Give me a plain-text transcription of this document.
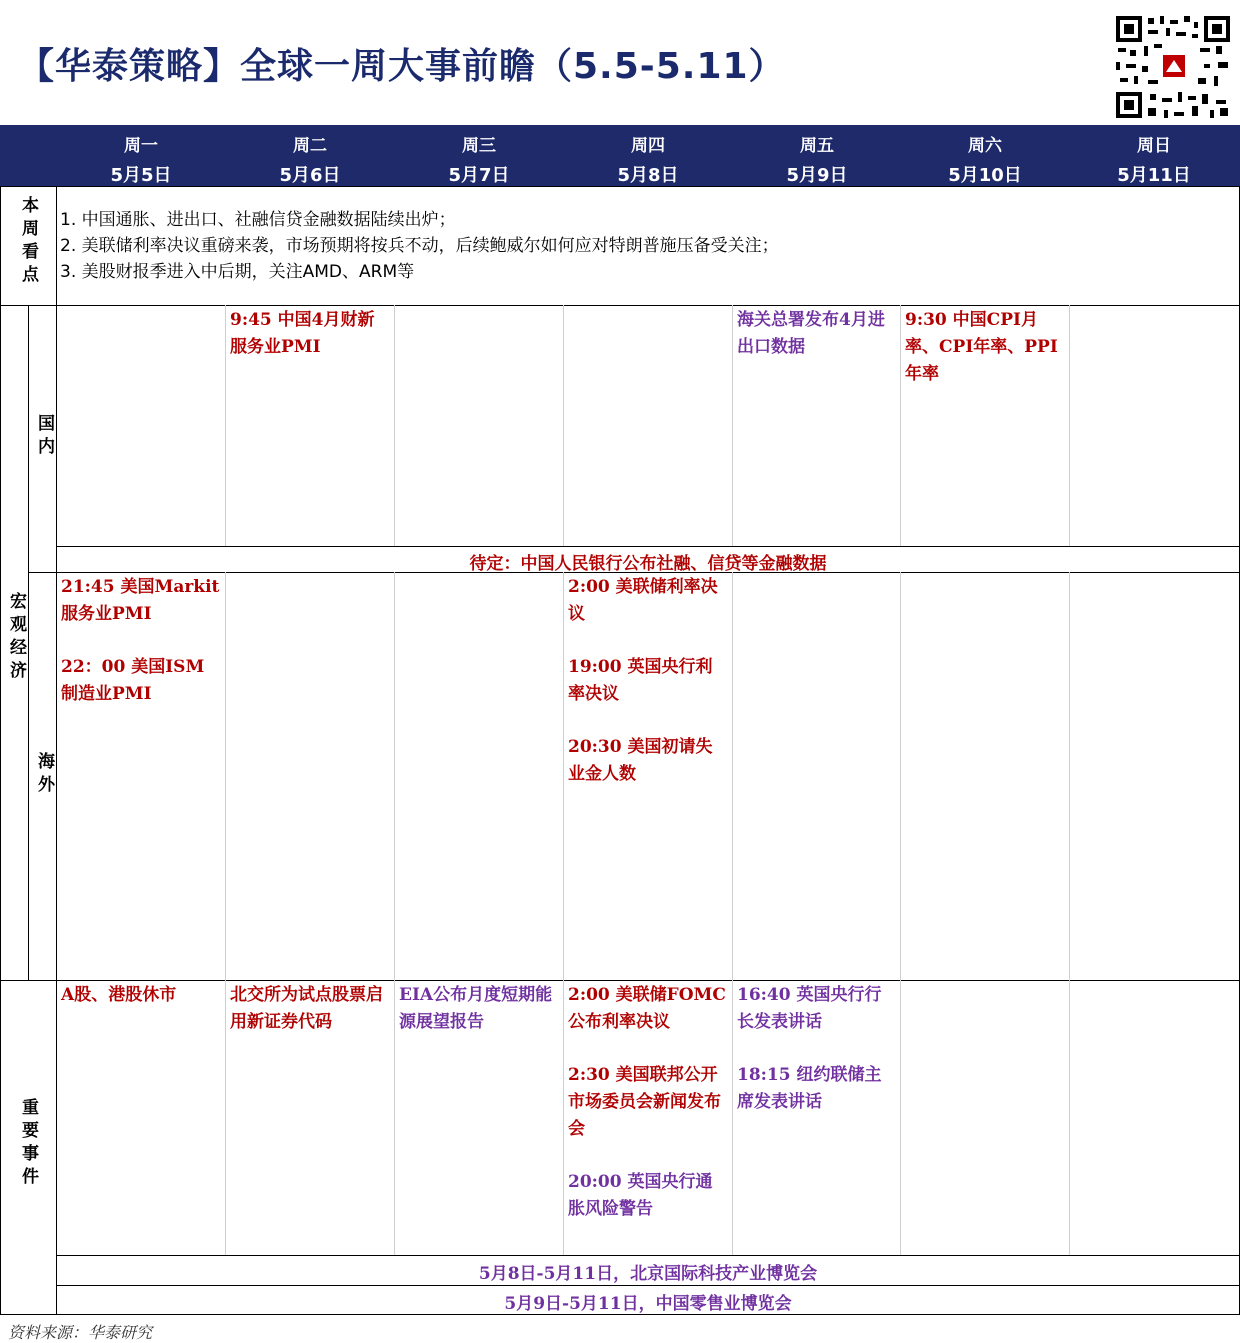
【华泰策略】全球一周大事前瞻（5.5-5.11）
周一
5月5日
周二
5月6日
周三
5月7日
周四
5月8日
周五
5月9日
周六
5月10日
周日
5月11日
本周看点
宏观经济
国内
海外
重要事件
1. 中国通胀、进出口、社融信贷金融数据陆续出炉；
2. 美联储利率决议重磅来袭，市场预期将按兵不动，后续鲍威尔如何应对特朗普施压备受关注；
3. 美股财报季进入中后期，关注AMD、ARM等
9:45 中国4月财新服务业PMI
海关总署发布4月进出口数据
9:30 中国CPI月率、CPI年率、PPI年率
待定：中国人民银行公布社融、信贷等金融数据
21:45 美国Markit服务业PMI
22：00 美国ISM制造业PMI
2:00 美联储利率决议
19:00 英国央行利率决议
20:30 美国初请失业金人数
A股、港股休市	北交所为试点股票启用新证券代码
EIA公布月度短期能源展望报告
2:00 美联储FOMC公布利率决议
2:30 美国联邦公开市场委员会新闻发布会
20:00 英国央行通胀风险警告
16:40 英国央行行长发表讲话
18:15 纽约联储主席发表讲话
5月8日-5月11日，北京国际科技产业博览会
5月9日-5月11日，中国零售业博览会
资料来源：华泰研究
